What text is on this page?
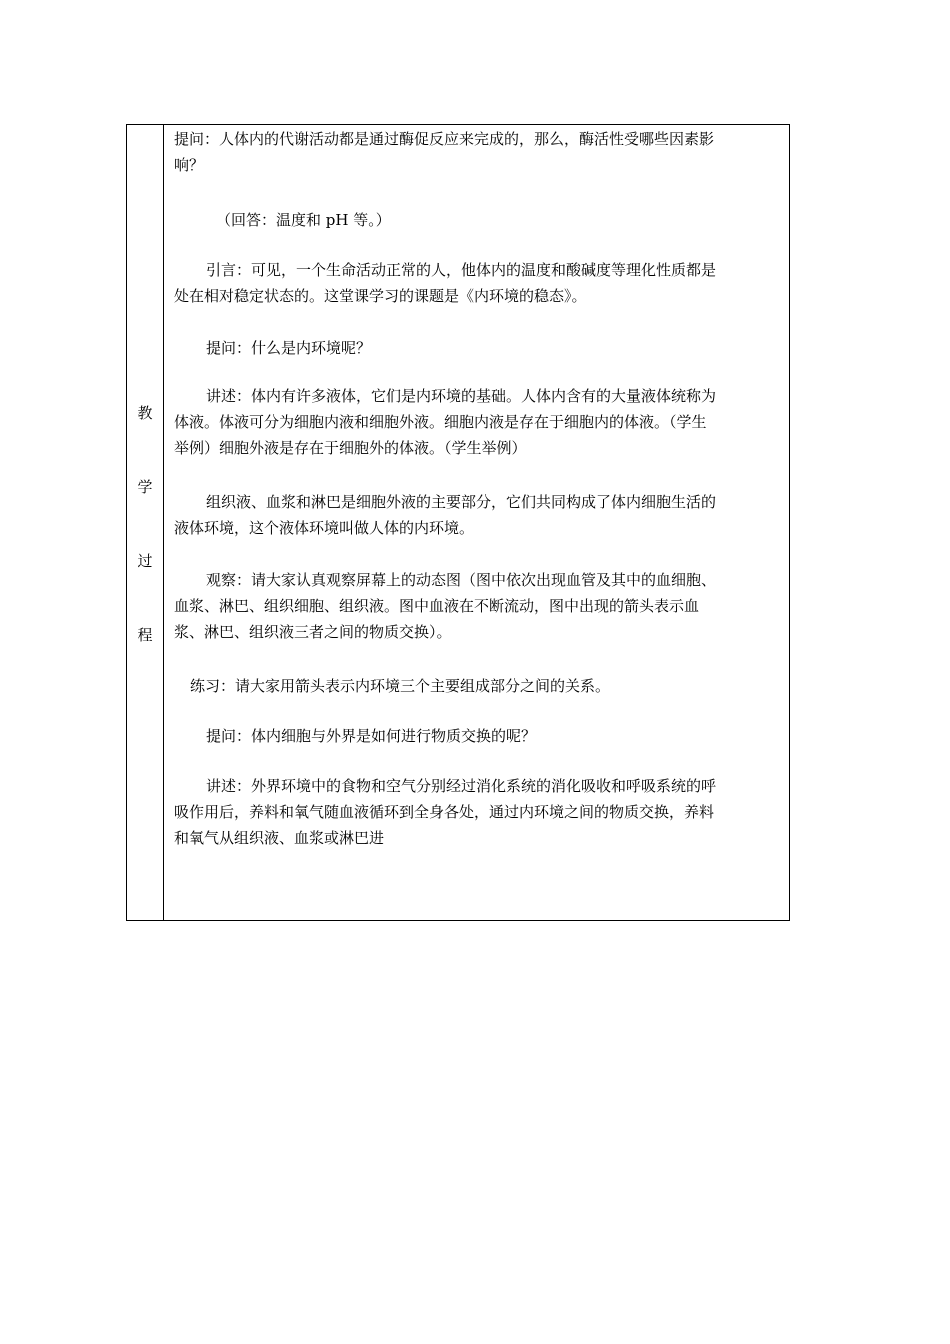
教
学
过
程
提问：人体内的代谢活动都是通过酶促反应来完成的，那么，酶活性受哪些因素影
响？
（回答：温度和 pH 等。）
引言：可见，一个生命活动正常的人，他体内的温度和酸碱度等理化性质都是
处在相对稳定状态的。这堂课学习的课题是《内环境的稳态》。
提问：什么是内环境呢？
讲述：体内有许多液体，它们是内环境的基础。人体内含有的大量液体统称为
体液。体液可分为细胞内液和细胞外液。细胞内液是存在于细胞内的体液。（学生
举例）细胞外液是存在于细胞外的体液。（学生举例）
组织液、血浆和淋巴是细胞外液的主要部分，它们共同构成了体内细胞生活的
液体环境，这个液体环境叫做人体的内环境。
观察：请大家认真观察屏幕上的动态图（图中依次出现血管及其中的血细胞、
血浆、淋巴、组织细胞、组织液。图中血液在不断流动，图中出现的箭头表示血
浆、淋巴、组织液三者之间的物质交换）。
练习：请大家用箭头表示内环境三个主要组成部分之间的关系。
提问：体内细胞与外界是如何进行物质交换的呢？
讲述：外界环境中的食物和空气分别经过消化系统的消化吸收和呼吸系统的呼
吸作用后，养料和氧气随血液循环到全身各处，通过内环境之间的物质交换，养料
和氧气从组织液、血浆或淋巴进
